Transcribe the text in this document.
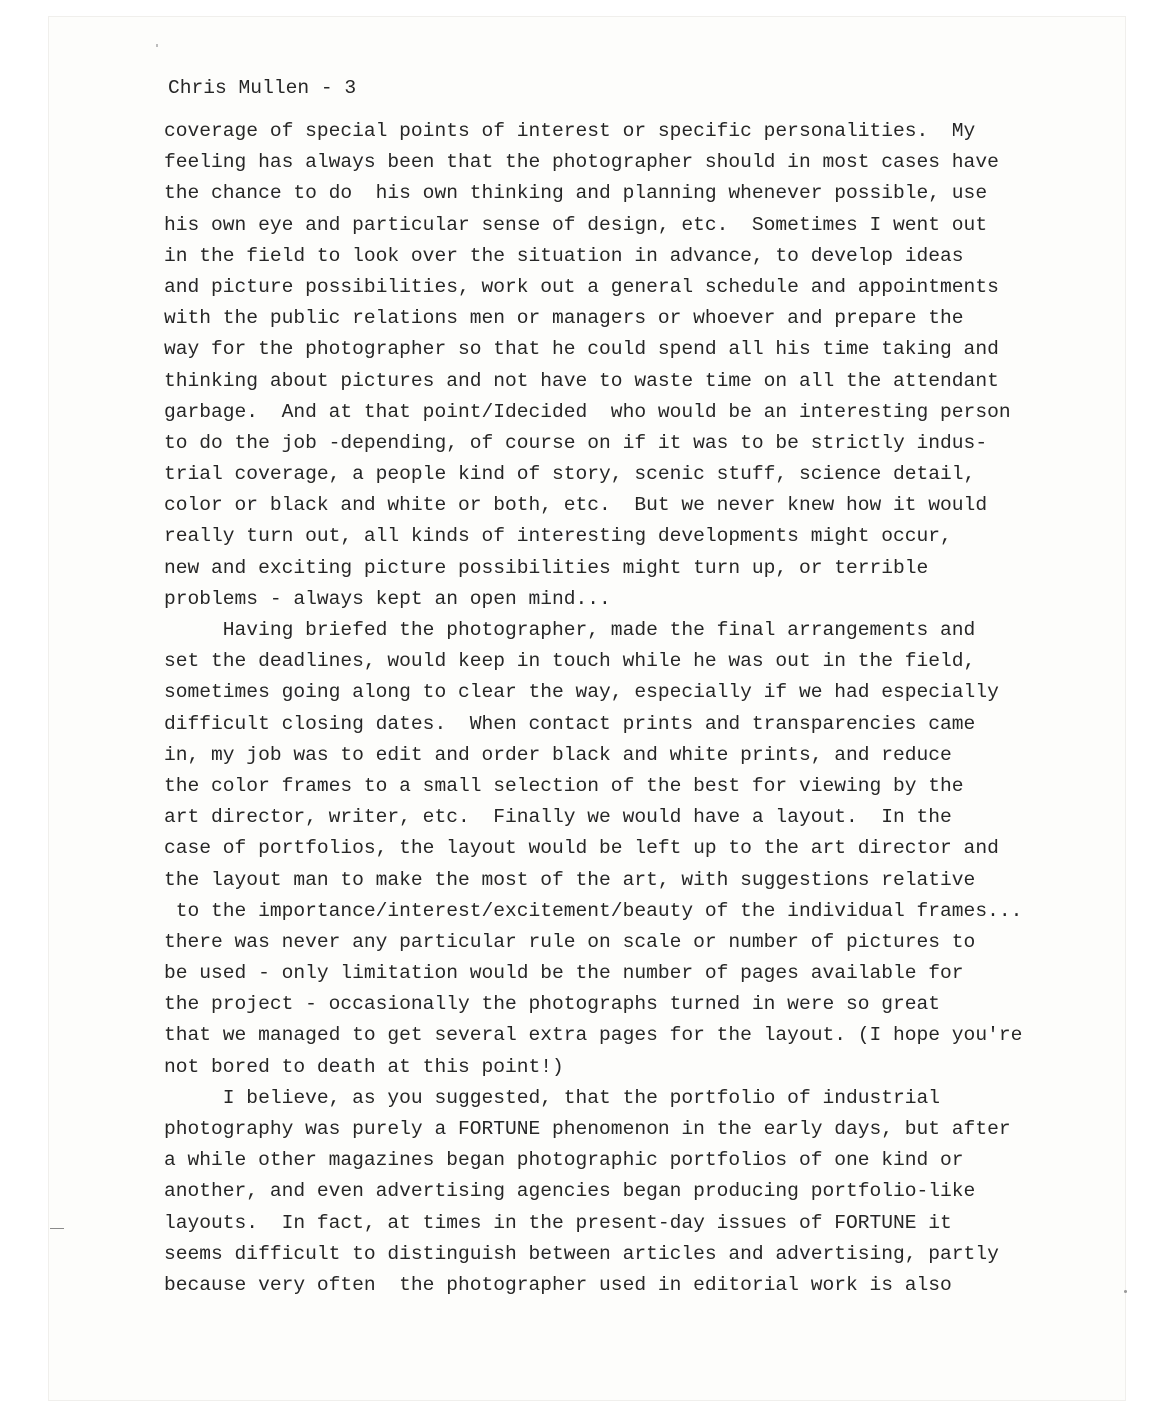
Chris Mullen - 3
coverage of special points of interest or specific personalities.  My
feeling has always been that the photographer should in most cases have
the chance to do  his own thinking and planning whenever possible, use
his own eye and particular sense of design, etc.  Sometimes I went out
in the field to look over the situation in advance, to develop ideas
and picture possibilities, work out a general schedule and appointments
with the public relations men or managers or whoever and prepare the
way for the photographer so that he could spend all his time taking and
thinking about pictures and not have to waste time on all the attendant
garbage.  And at that point/Idecided  who would be an interesting person
to do the job -depending, of course on if it was to be strictly indus-
trial coverage, a people kind of story, scenic stuff, science detail,
color or black and white or both, etc.  But we never knew how it would
really turn out, all kinds of interesting developments might occur,
new and exciting picture possibilities might turn up, or terrible
problems - always kept an open mind...
Having briefed the photographer, made the final arrangements and
set the deadlines, would keep in touch while he was out in the field,
sometimes going along to clear the way, especially if we had especially
difficult closing dates.  When contact prints and transparencies came
in, my job was to edit and order black and white prints, and reduce
the color frames to a small selection of the best for viewing by the
art director, writer, etc.  Finally we would have a layout.  In the
case of portfolios, the layout would be left up to the art director and
the layout man to make the most of the art, with suggestions relative
to the importance/interest/excitement/beauty of the individual frames...
there was never any particular rule on scale or number of pictures to
be used - only limitation would be the number of pages available for
the project - occasionally the photographs turned in were so great
that we managed to get several extra pages for the layout. (I hope you're
not bored to death at this point!)
I believe, as you suggested, that the portfolio of industrial
photography was purely a FORTUNE phenomenon in the early days, but after
a while other magazines began photographic portfolios of one kind or
another, and even advertising agencies began producing portfolio-like
layouts.  In fact, at times in the present-day issues of FORTUNE it
seems difficult to distinguish between articles and advertising, partly
because very often  the photographer used in editorial work is also
